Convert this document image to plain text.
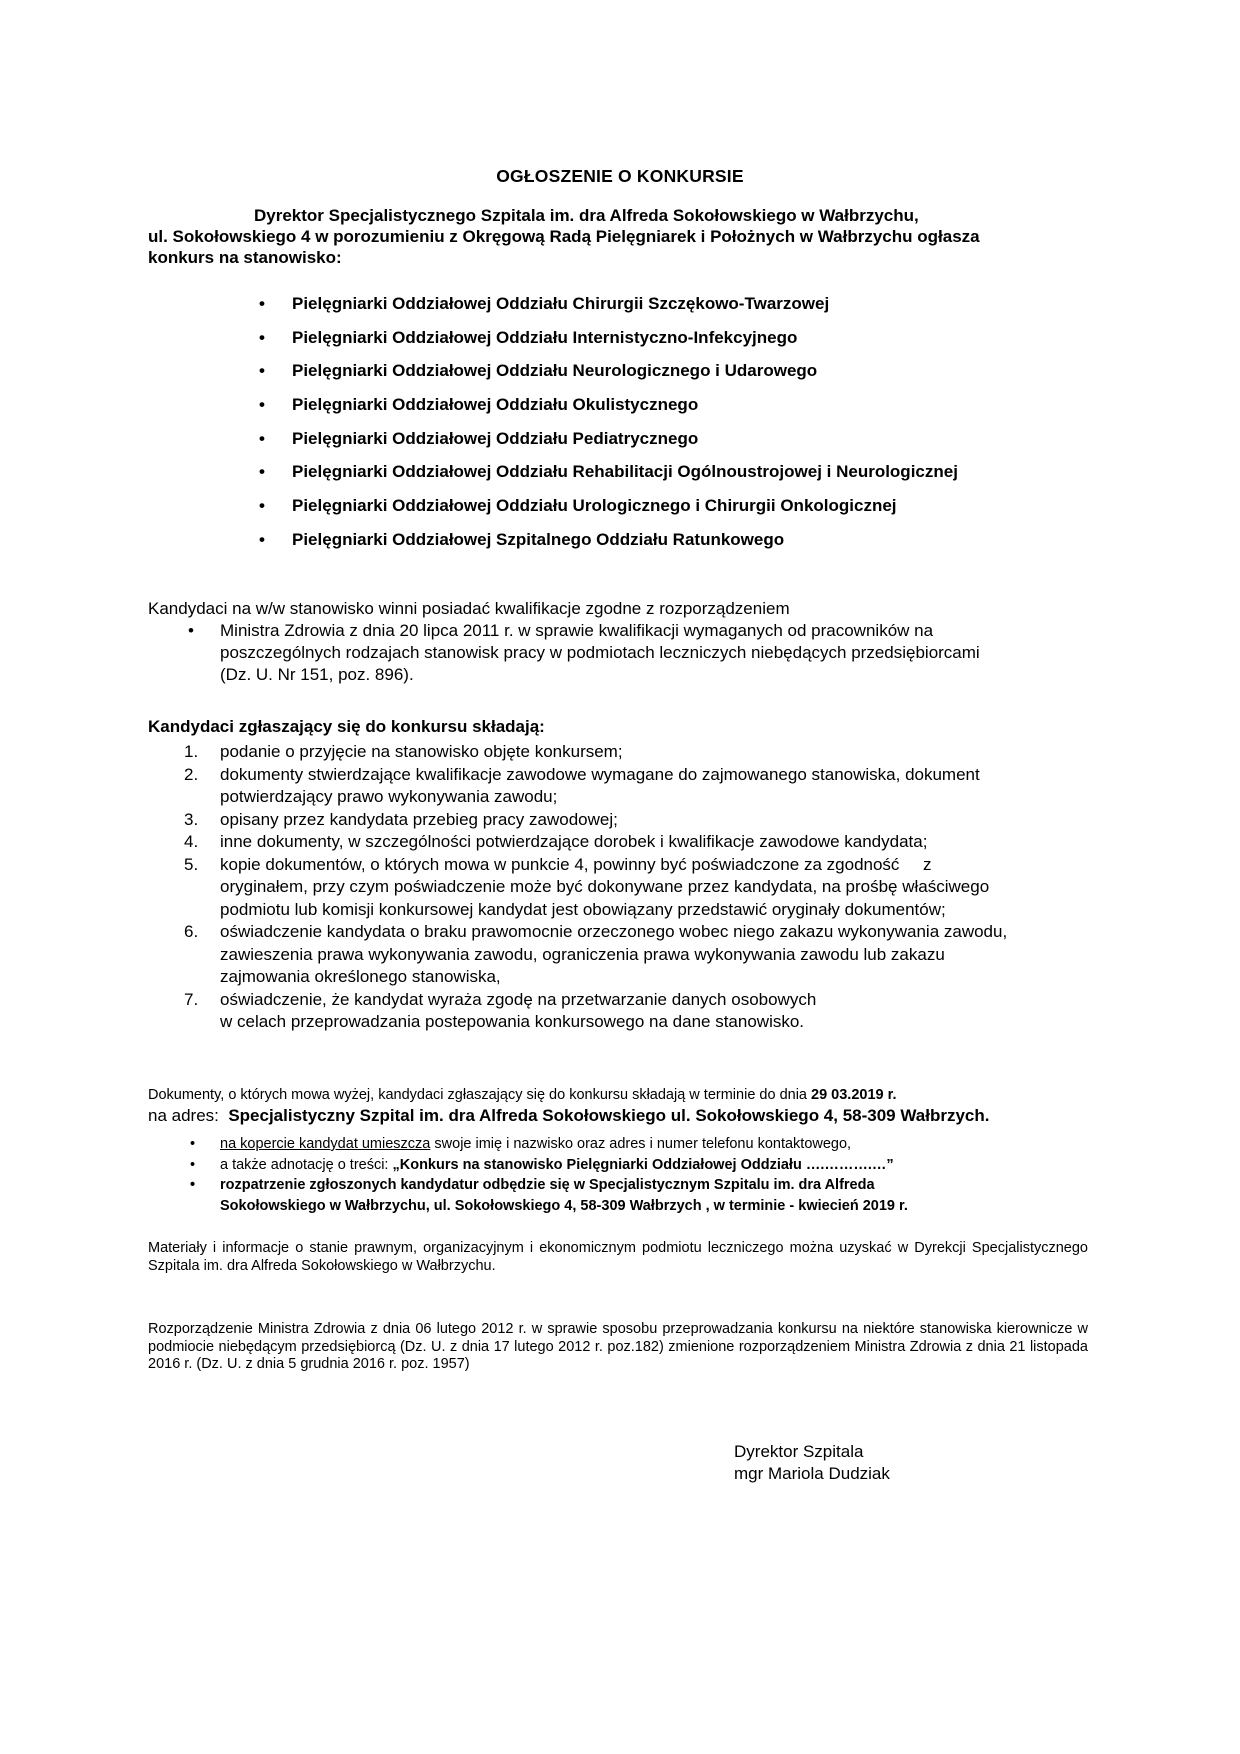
OGŁOSZENIE O KONKURSIE
Dyrektor Specjalistycznego Szpitala im. dra Alfreda Sokołowskiego w Wałbrzychu,
ul. Sokołowskiego 4 w porozumieniu z Okręgową Radą Pielęgniarek i Położnych w Wałbrzychu ogłasza
konkurs na stanowisko:
• Pielęgniarki Oddziałowej Oddziału Chirurgii Szczękowo-Twarzowej
• Pielęgniarki Oddziałowej Oddziału Internistyczno-Infekcyjnego
• Pielęgniarki Oddziałowej Oddziału Neurologicznego i Udarowego
• Pielęgniarki Oddziałowej Oddziału Okulistycznego
• Pielęgniarki Oddziałowej Oddziału Pediatrycznego
• Pielęgniarki Oddziałowej Oddziału Rehabilitacji Ogólnoustrojowej i Neurologicznej
• Pielęgniarki Oddziałowej Oddziału Urologicznego i Chirurgii Onkologicznej
• Pielęgniarki Oddziałowej Szpitalnego Oddziału Ratunkowego
Kandydaci na w/w stanowisko winni posiadać kwalifikacje zgodne z rozporządzeniem
• Ministra Zdrowia z dnia 20 lipca 2011 r. w sprawie kwalifikacji wymaganych od pracowników na
poszczególnych rodzajach stanowisk pracy w podmiotach leczniczych niebędących przedsiębiorcami
(Dz. U. Nr 151, poz. 896).
Kandydaci zgłaszający się do konkursu składają:
1. podanie o przyjęcie na stanowisko objęte konkursem;
2. dokumenty stwierdzające kwalifikacje zawodowe wymagane do zajmowanego stanowiska, dokument
potwierdzający prawo wykonywania zawodu;
3. opisany przez kandydata przebieg pracy zawodowej;
4. inne dokumenty, w szczególności potwierdzające dorobek i kwalifikacje zawodowe kandydata;
5. kopie dokumentów, o których mowa w punkcie 4, powinny być poświadczone za zgodność     z
oryginałem, przy czym poświadczenie może być dokonywane przez kandydata, na prośbę właściwego
podmiotu lub komisji konkursowej kandydat jest obowiązany przedstawić oryginały dokumentów;
6. oświadczenie kandydata o braku prawomocnie orzeczonego wobec niego zakazu wykonywania zawodu,
zawieszenia prawa wykonywania zawodu, ograniczenia prawa wykonywania zawodu lub zakazu
zajmowania określonego stanowiska,
7. oświadczenie, że kandydat wyraża zgodę na przetwarzanie danych osobowych
w celach przeprowadzania postepowania konkursowego na dane stanowisko.
Dokumenty, o których mowa wyżej, kandydaci zgłaszający się do konkursu składają w terminie do dnia 29 03.2019 r.
na adres:  Specjalistyczny Szpital im. dra Alfreda Sokołowskiego ul. Sokołowskiego 4, 58-309 Wałbrzych.
• na kopercie kandydat umieszcza swoje imię i nazwisko oraz adres i numer telefonu kontaktowego,
• a także adnotację o treści: „Konkurs na stanowisko Pielęgniarki Oddziałowej Oddziału ….……….…”
• rozpatrzenie zgłoszonych kandydatur odbędzie się w Specjalistycznym Szpitalu im. dra Alfreda
Sokołowskiego w Wałbrzychu, ul. Sokołowskiego 4, 58-309 Wałbrzych , w terminie - kwiecień 2019 r.
Materiały i informacje o stanie prawnym, organizacyjnym i ekonomicznym podmiotu leczniczego można uzyskać w Dyrekcji Specjalistycznego Szpitala im. dra Alfreda Sokołowskiego w Wałbrzychu.
Rozporządzenie Ministra Zdrowia z dnia 06 lutego 2012 r. w sprawie sposobu przeprowadzania konkursu na niektóre stanowiska kierownicze w podmiocie niebędącym przedsiębiorcą (Dz. U. z dnia 17 lutego 2012 r. poz.182) zmienione rozporządzeniem Ministra Zdrowia z dnia 21 listopada 2016 r. (Dz. U. z dnia 5 grudnia 2016 r. poz. 1957)
Dyrektor Szpitala
mgr Mariola Dudziak
